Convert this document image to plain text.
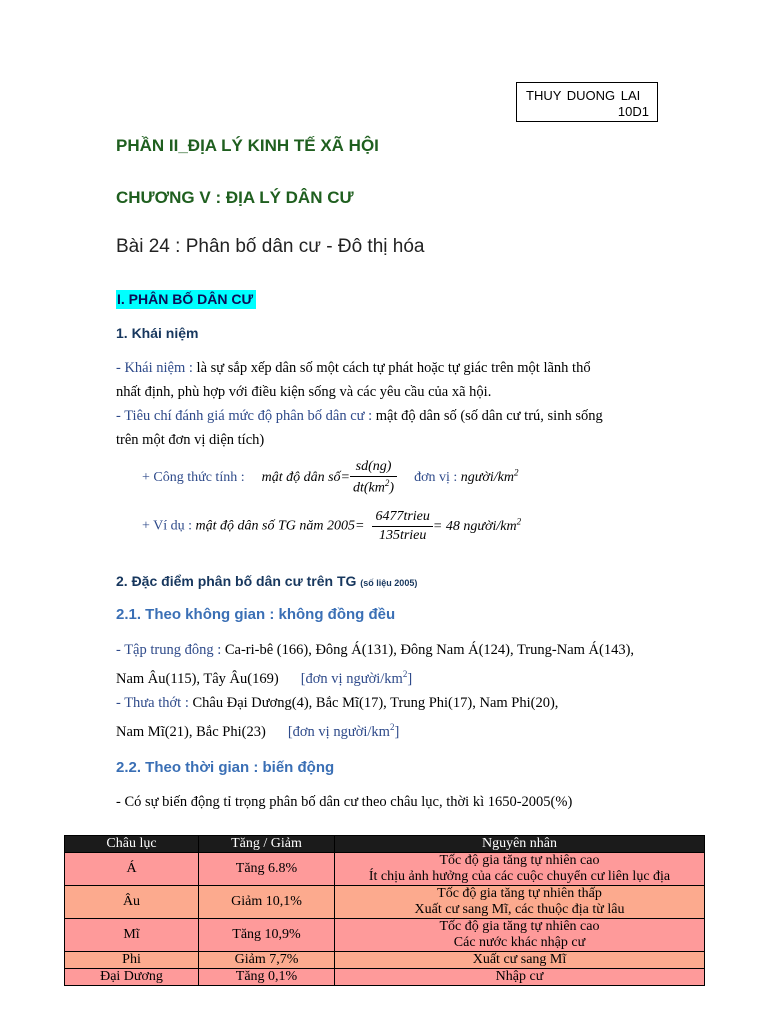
THUY DUONG LAI
10D1
PHẦN II_ĐỊA LÝ KINH TẾ XÃ HỘI
CHƯƠNG V : ĐỊA LÝ DÂN CƯ
Bài 24 : Phân bố dân cư - Đô thị hóa
I. PHÂN BỐ DÂN CƯ
1. Khái niệm
- Khái niệm : là sự sắp xếp dân số một cách tự phát hoặc tự giác trên một lãnh thổ
nhất định, phù hợp với điều kiện sống và các yêu cầu của xã hội.
- Tiêu chí đánh giá mức độ phân bố dân cư : mật độ dân số (số dân cư trú, sinh sống
trên một đơn vị diện tích)
+ Công thức tính : mật độ dân số= $\frac{sd(ng)}{dt(km^2)}$ đơn vị : người/$km^2$
+ Ví dụ : mật độ dân số TG năm $2005= \frac{\text{6477trieu}}{\text{135trieu}} = 48$ người/$km^2$
2. Đặc điểm phân bố dân cư trên TG (số liệu 2005)
2.1. Theo không gian : không đồng đều
- Tập trung đông : Ca-ri-bê (166), Đông Á(131), Đông Nam Á(124), Trung-Nam Á(143),
Nam Âu(115), Tây Âu(169) [đơn vị người/$km^2$]
- Thưa thớt : Châu Đại Dương(4), Bắc Mĩ(17), Trung Phi(17), Nam Phi(20),
Nam Mĩ(21), Bắc Phi(23) [đơn vị người/$km^2$]
2.2. Theo thời gian : biến động
- Có sự biến động tỉ trọng phân bố dân cư theo châu lục, thời kì 1650-2005(%)
Châu lục	Tăng / Giảm	Nguyên nhân
Á	Tăng 6.8%	Tốc độ gia tăng tự nhiên cao
Ít chịu ảnh hưởng của các cuộc chuyển cư liên lục địa

Âu	Giảm 10,1%	Tốc độ gia tăng tự nhiên thấp
Xuất cư sang Mĩ, các thuộc địa từ lâu

Mĩ	Tăng 10,9%	Tốc độ gia tăng tự nhiên cao
Các nước khác nhập cư

Phi	Giảm 7,7%	Xuất cư sang Mĩ
Đại Dương	Tăng 0,1%	Nhập cư
